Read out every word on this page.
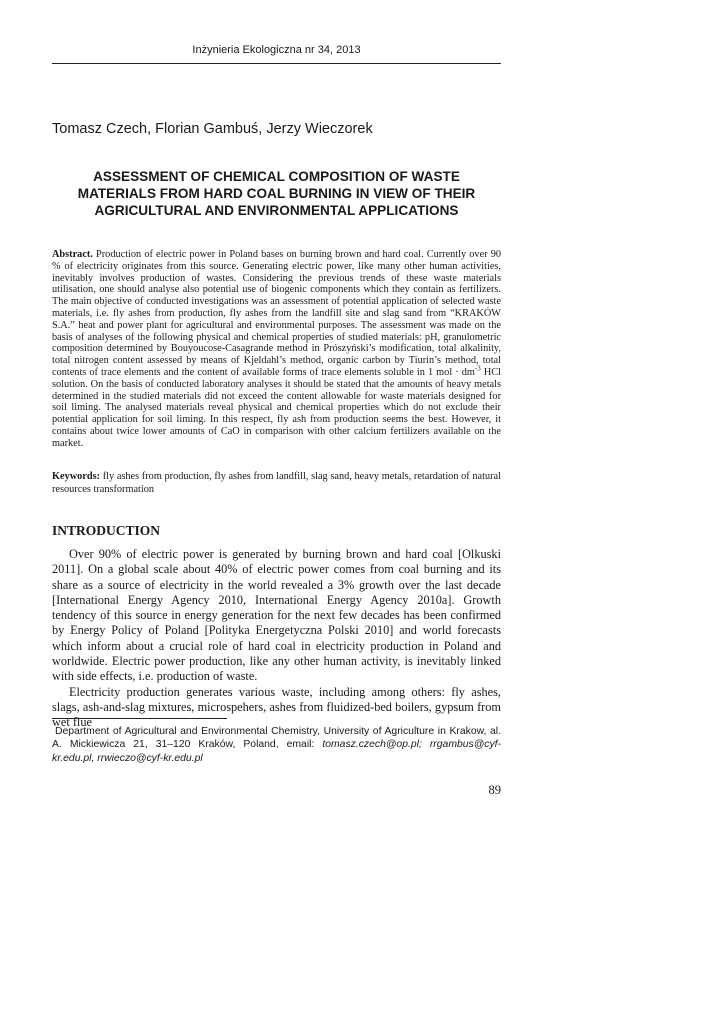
Inżynieria Ekologiczna nr 34, 2013
Tomasz Czech, Florian Gambuś, Jerzy Wieczorek
ASSESSMENT OF CHEMICAL COMPOSITION OF WASTE
MATERIALS FROM HARD COAL BURNING IN VIEW OF THEIR
AGRICULTURAL AND ENVIRONMENTAL APPLICATIONS
Abstract. Production of electric power in Poland bases on burning brown and hard coal. Currently over 90 % of electricity originates from this source. Generating electric power, like many other human activities, inevitably involves production of wastes. Considering the previous trends of these waste materials utilisation, one should analyse also potential use of biogenic components which they contain as fertilizers. The main objective of conducted investigations was an assessment of potential application of selected waste materials, i.e. fly ashes from production, fly ashes from the landfill site and slag sand from “KRAKÓW S.A.” heat and power plant for agricultural and environmental purposes. The assessment was made on the basis of analyses of the following physical and chemical properties of studied materials: pH, granulometric composition determined by Bouyoucose-Casagrande method in Prószyński’s modification, total alkalinity, total nitrogen content assessed by means of Kjeldahl’s method, organic carbon by Tiurin’s method, total contents of trace elements and the content of available forms of trace elements soluble in 1 mol · $dm^{-3}$ HCl solution. On the basis of conducted laboratory analyses it should be stated that the amounts of heavy metals determined in the studied materials did not exceed the content allowable for waste materials designed for soil liming. The analysed materials reveal physical and chemical properties which do not exclude their potential application for soil liming. In this respect, fly ash from production seems the best. However, it contains about twice lower amounts of CaO in comparison with other calcium fertilizers available on the market.
Keywords: fly ashes from production, fly ashes from landfill, slag sand, heavy metals, retardation of natural resources transformation
INTRODUCTION

Over 90% of electric power is generated by burning brown and hard coal [Olkuski 2011]. On a global scale about 40% of electric power comes from coal burning and its share as a source of electricity in the world revealed a 3% growth over the last decade [International Energy Agency 2010, International Energy Agency 2010a]. Growth tendency of this source in energy generation for the next few decades has been confirmed by Energy Policy of Poland [Polityka Energetyczna Polski 2010] and world forecasts which inform about a crucial role of hard coal in electricity production in Poland and worldwide. Electric power production, like any other human activity, is inevitably linked with side effects, i.e. production of waste.

Electricity production generates various waste, including among others: fly ashes, slags, ash-and-slag mixtures, microspehers, ashes from fluidized-bed boilers, gypsum from wet flue

Department of Agricultural and Environmental Chemistry, University of Agriculture in Krakow, al. A. Mickiewicza 21, 31–120 Kraków, Poland, email: tomasz.czech@op.pl; rrgambus@cyf-kr.edu.pl, rrwieczo@cyf-kr.edu.pl

89
